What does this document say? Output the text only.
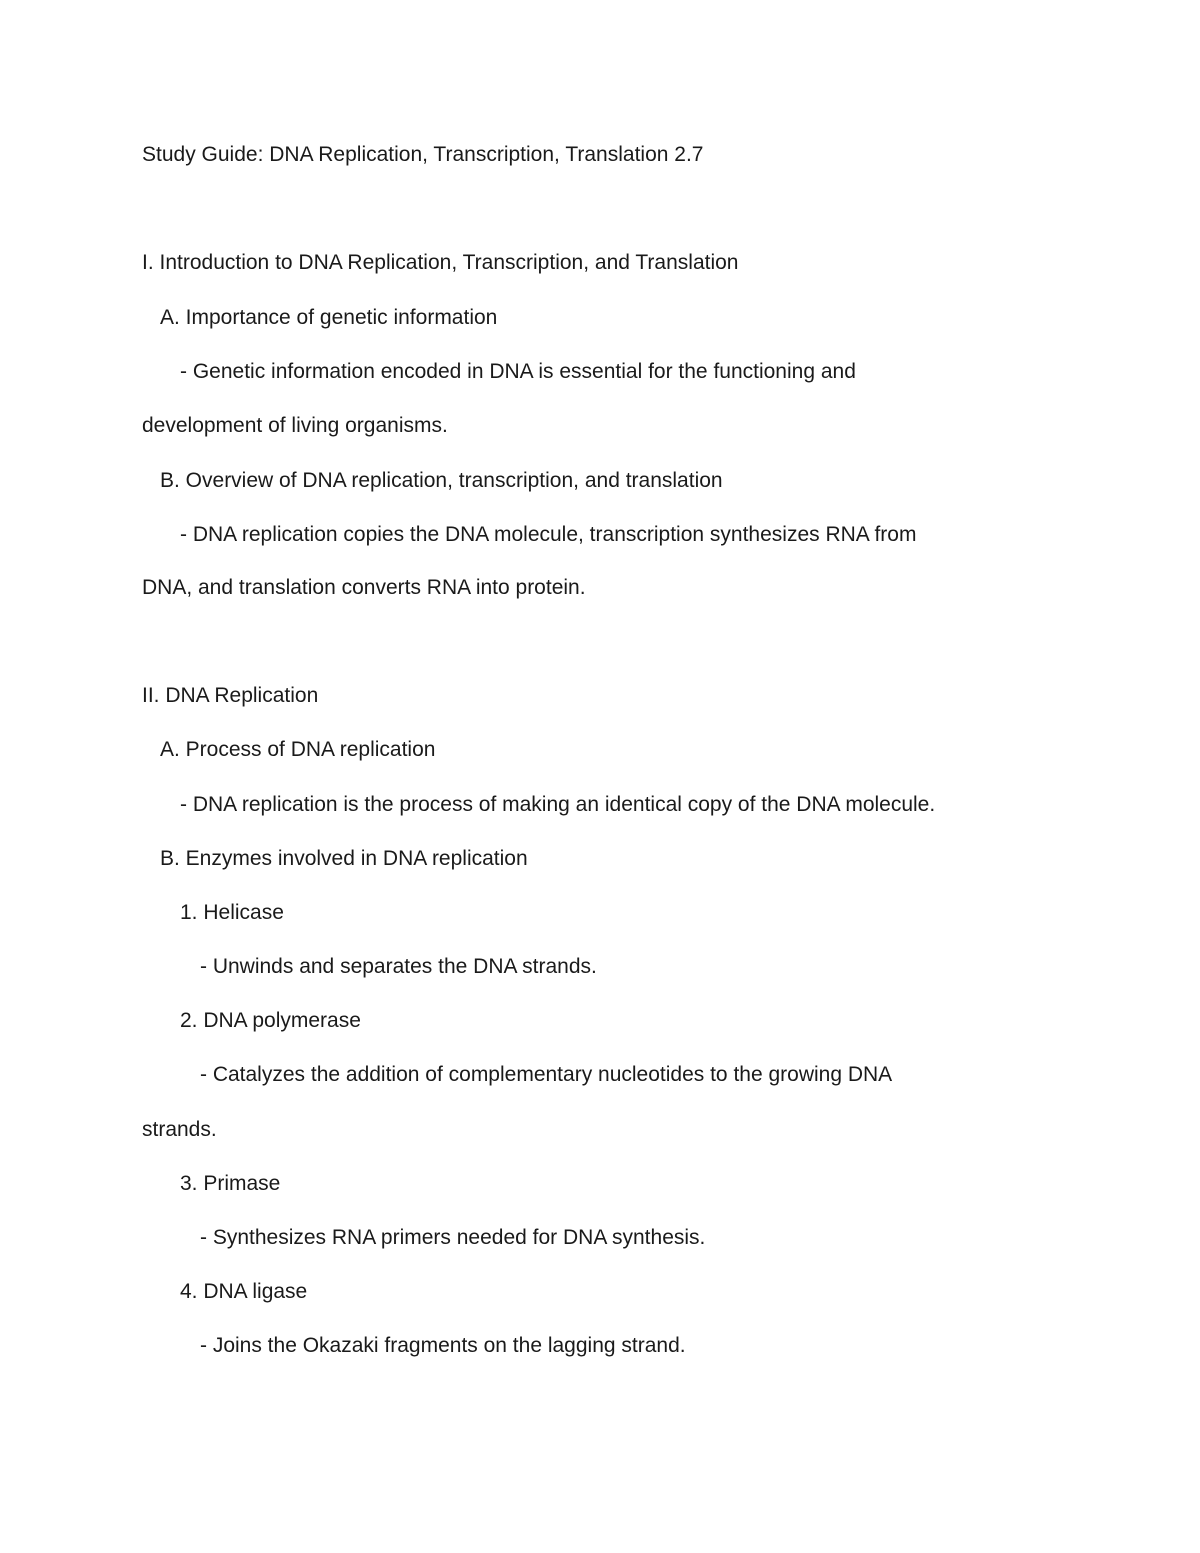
Study Guide: DNA Replication, Transcription, Translation 2.7

I. Introduction to DNA Replication, Transcription, and Translation

A. Importance of genetic information

- Genetic information encoded in DNA is essential for the functioning and

development of living organisms.

B. Overview of DNA replication, transcription, and translation

- DNA replication copies the DNA molecule, transcription synthesizes RNA from

DNA, and translation converts RNA into protein.

II. DNA Replication

A. Process of DNA replication

- DNA replication is the process of making an identical copy of the DNA molecule.

B. Enzymes involved in DNA replication

1. Helicase

- Unwinds and separates the DNA strands.

2. DNA polymerase

- Catalyzes the addition of complementary nucleotides to the growing DNA

strands.

3. Primase

- Synthesizes RNA primers needed for DNA synthesis.

4. DNA ligase

- Joins the Okazaki fragments on the lagging strand.
